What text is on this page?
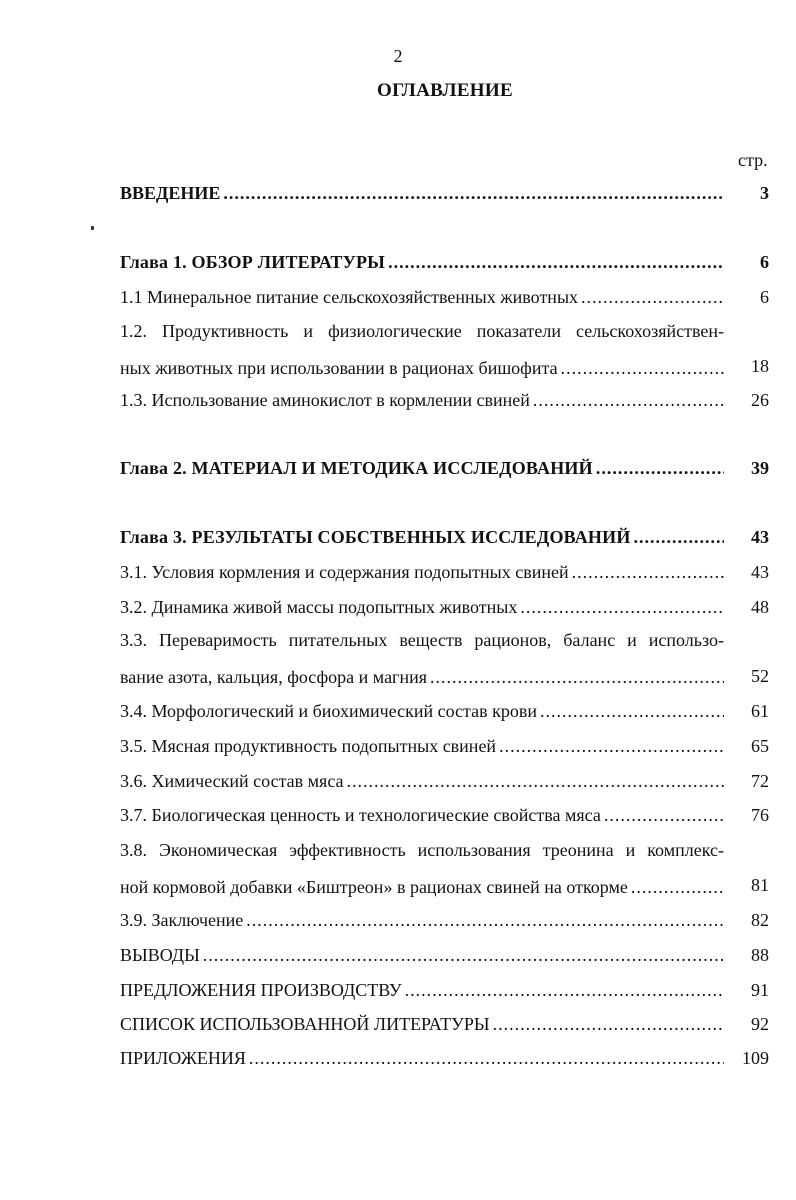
2
ОГЛАВЛЕНИЕ
стр.
ВВЕДЕНИЕ .....	3
Глава 1. ОБЗОР ЛИТЕРАТУРЫ .....	6
1.1 Минеральное питание сельскохозяйственных животных .....	6
1.2. Продуктивность и физиологические показатели сельскохозяйствен-
ных животных при использовании в рационах бишофита .....	18
1.3. Использование аминокислот в кормлении свиней .....	26
Глава 2. МАТЕРИАЛ И МЕТОДИКА ИССЛЕДОВАНИЙ .....	39
Глава 3. РЕЗУЛЬТАТЫ СОБСТВЕННЫХ ИССЛЕДОВАНИЙ .....	43
3.1. Условия кормления и содержания подопытных свиней .....	43
3.2. Динамика живой массы подопытных животных .....	48
3.3. Переваримость питательных веществ рационов, баланс и использо-
вание азота, кальция, фосфора и магния .....	52
3.4. Морфологический и биохимический состав крови .....	61
3.5. Мясная продуктивность подопытных свиней .....	65
3.6. Химический состав мяса .....	72
3.7. Биологическая ценность и технологические свойства мяса .....	76
3.8. Экономическая эффективность использования треонина и комплекс-
ной кормовой добавки «Биштреон» в рационах свиней на откорме .....	81
3.9. Заключение .....	82
ВЫВОДЫ .....	88
ПРЕДЛОЖЕНИЯ ПРОИЗВОДСТВУ .....	91
СПИСОК ИСПОЛЬЗОВАННОЙ ЛИТЕРАТУРЫ .....	92
ПРИЛОЖЕНИЯ .....	109
